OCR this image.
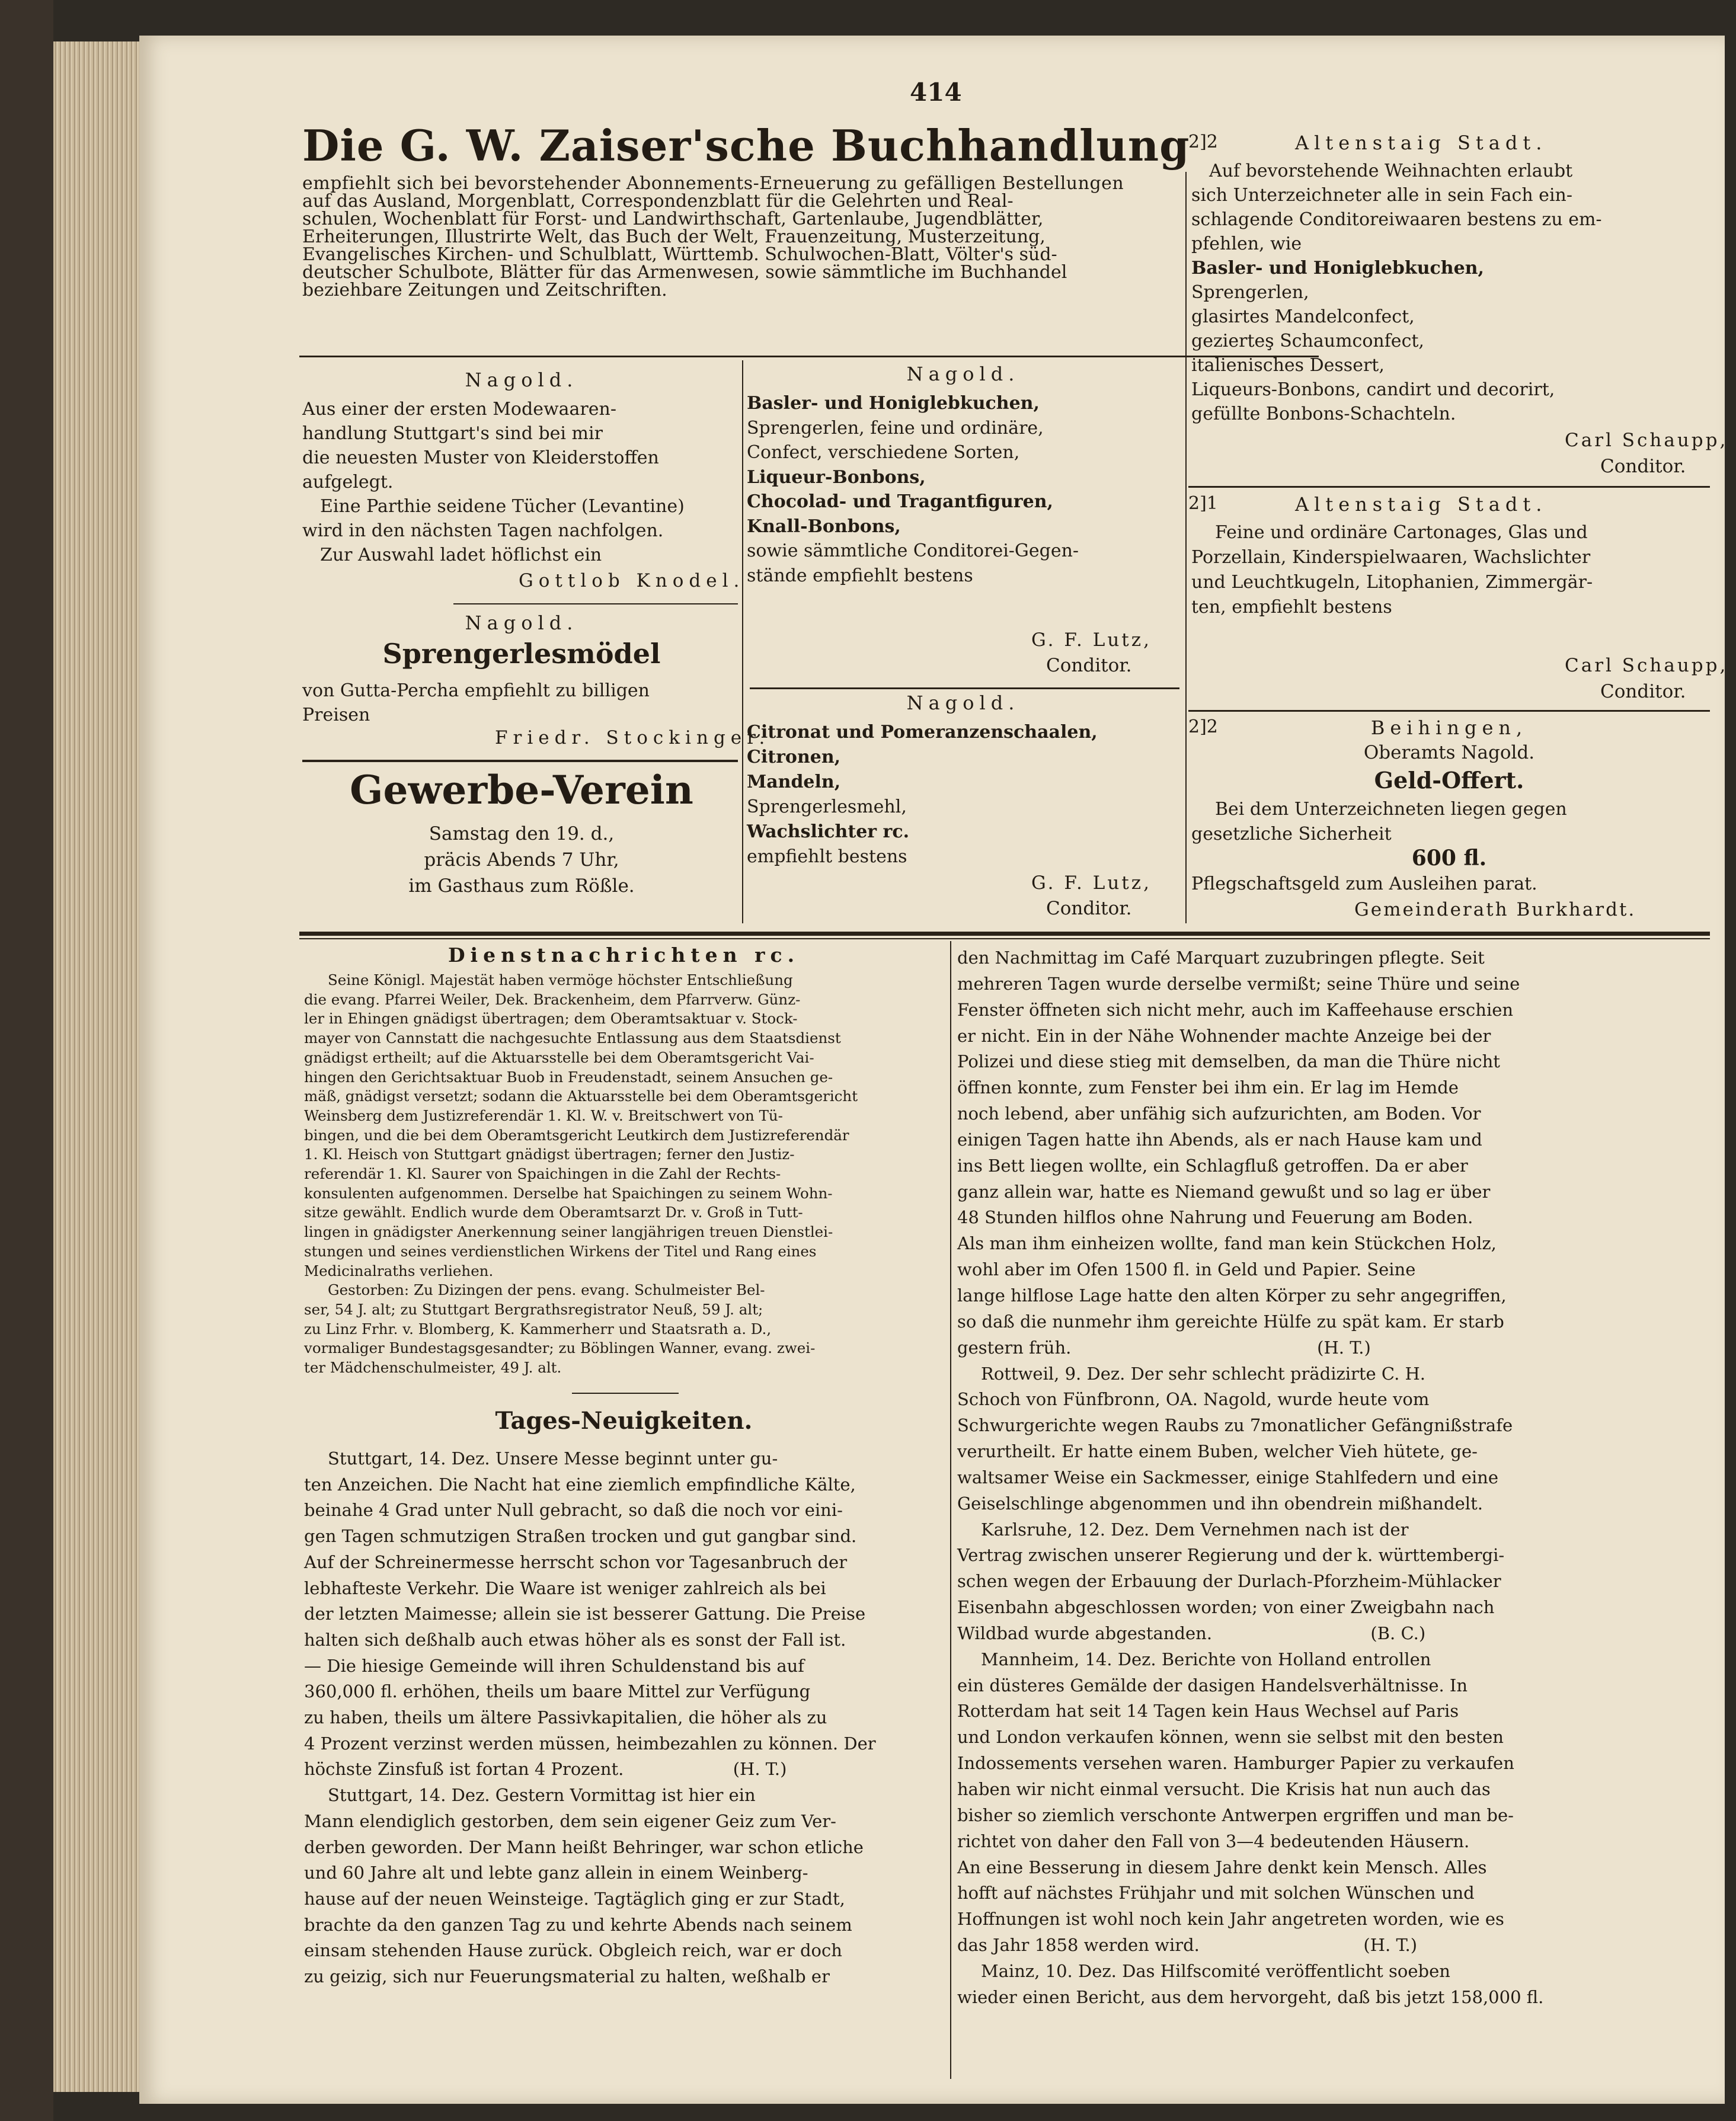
414
Die G. W. Zaiser'sche Buchhandlung
empfiehlt sich bei bevorstehender Abonnements-Erneuerung zu gefälligen Bestellungen
auf das Ausland, Morgenblatt, Correspondenzblatt für die Gelehrten und Real-
schulen, Wochenblatt für Forst- und Landwirthschaft, Gartenlaube, Jugendblätter,
Erheiterungen, Illustrirte Welt, das Buch der Welt, Frauenzeitung, Musterzeitung,
Evangelisches Kirchen- und Schulblatt, Württemb. Schulwochen-Blatt, Völter's süd-
deutscher Schulbote, Blätter für das Armenwesen, sowie sämmtliche im Buchhandel
beziehbare Zeitungen und Zeitschriften.
Nagold.
Aus einer der ersten Modewaaren-
handlung Stuttgart's sind bei mir
die neuesten Muster von Kleiderstoffen
aufgelegt.
Eine Parthie seidene Tücher (Levantine)
wird in den nächsten Tagen nachfolgen.
Zur Auswahl ladet höflichst ein
Gottlob Knodel.
Nagold.
Sprengerlesmödel
von Gutta-Percha empfiehlt zu billigen
Preisen
Friedr. Stockinger.
Gewerbe-Verein
Samstag den 19. d.,
präcis Abends 7 Uhr,
im Gasthaus zum Rößle.
Nagold.
Basler- und Honiglebkuchen,
Sprengerlen, feine und ordinäre,
Confect, verschiedene Sorten,
Liqueur-Bonbons,
Chocolad- und Tragantfiguren,
Knall-Bonbons,
sowie sämmtliche Conditorei-Gegen-
stände empfiehlt bestens
G. F. Lutz,
Conditor.
Nagold.
Citronat und Pomeranzenschaalen,
Citronen,
Mandeln,
Sprengerlesmehl,
Wachslichter rc.
empfiehlt bestens
G. F. Lutz,
Conditor.
2]2	Altenstaig Stadt.
Auf bevorstehende Weihnachten erlaubt
sich Unterzeichneter alle in sein Fach ein-
schlagende Conditoreiwaaren bestens zu em-
pfehlen, wie
Basler- und Honiglebkuchen,
Sprengerlen,
glasirtes Mandelconfect,
gezierteş Schaumconfect,
italienisches Dessert,
Liqueurs-Bonbons, candirt und decorirt,
gefüllte Bonbons-Schachteln.
Carl Schaupp,
Conditor.
2]1	Altenstaig Stadt.
Feine und ordinäre Cartonages, Glas und
Porzellain, Kinderspielwaaren, Wachslichter
und Leuchtkugeln, Litophanien, Zimmergär-
ten, empfiehlt bestens
Carl Schaupp,
Conditor.
2]2	Beihingen,
Oberamts Nagold.
Geld-Offert.
Bei dem Unterzeichneten liegen gegen
gesetzliche Sicherheit
600 fl.
Pflegschaftsgeld zum Ausleihen parat.
Gemeinderath Burkhardt.
Dienstnachrichten rc.
Seine Königl. Majestät haben vermöge höchster Entschließung
die evang. Pfarrei Weiler, Dek. Brackenheim, dem Pfarrverw. Günz-
ler in Ehingen gnädigst übertragen; dem Oberamtsaktuar v. Stock-
mayer von Cannstatt die nachgesuchte Entlassung aus dem Staatsdienst
gnädigst ertheilt; auf die Aktuarsstelle bei dem Oberamtsgericht Vai-
hingen den Gerichtsaktuar Buob in Freudenstadt, seinem Ansuchen ge-
mäß, gnädigst versetzt; sodann die Aktuarsstelle bei dem Oberamtsgericht
Weinsberg dem Justizreferendär 1. Kl. W. v. Breitschwert von Tü-
bingen, und die bei dem Oberamtsgericht Leutkirch dem Justizreferendär
1. Kl. Heisch von Stuttgart gnädigst übertragen; ferner den Justiz-
referendär 1. Kl. Saurer von Spaichingen in die Zahl der Rechts-
konsulenten aufgenommen. Derselbe hat Spaichingen zu seinem Wohn-
sitze gewählt. Endlich wurde dem Oberamtsarzt Dr. v. Groß in Tutt-
lingen in gnädigster Anerkennung seiner langjährigen treuen Dienstlei-
stungen und seines verdienstlichen Wirkens der Titel und Rang eines
Medicinalraths verliehen.
Gestorben: Zu Dizingen der pens. evang. Schulmeister Bel-
ser, 54 J. alt; zu Stuttgart Bergrathsregistrator Neuß, 59 J. alt;
zu Linz Frhr. v. Blomberg, K. Kammerherr und Staatsrath a. D.,
vormaliger Bundestagsgesandter; zu Böblingen Wanner, evang. zwei-
ter Mädchenschulmeister, 49 J. alt.
Tages-Neuigkeiten.
Stuttgart, 14. Dez. Unsere Messe beginnt unter gu-
ten Anzeichen. Die Nacht hat eine ziemlich empfindliche Kälte,
beinahe 4 Grad unter Null gebracht, so daß die noch vor eini-
gen Tagen schmutzigen Straßen trocken und gut gangbar sind.
Auf der Schreinermesse herrscht schon vor Tagesanbruch der
lebhafteste Verkehr. Die Waare ist weniger zahlreich als bei
der letzten Maimesse; allein sie ist besserer Gattung. Die Preise
halten sich deßhalb auch etwas höher als es sonst der Fall ist.
— Die hiesige Gemeinde will ihren Schuldenstand bis auf
360,000 fl. erhöhen, theils um baare Mittel zur Verfügung
zu haben, theils um ältere Passivkapitalien, die höher als zu
4 Prozent verzinst werden müssen, heimbezahlen zu können. Der
höchste Zinsfuß ist fortan 4 Prozent.                    (H. T.)
Stuttgart, 14. Dez. Gestern Vormittag ist hier ein
Mann elendiglich gestorben, dem sein eigener Geiz zum Ver-
derben geworden. Der Mann heißt Behringer, war schon etliche
und 60 Jahre alt und lebte ganz allein in einem Weinberg-
hause auf der neuen Weinsteige. Tagtäglich ging er zur Stadt,
brachte da den ganzen Tag zu und kehrte Abends nach seinem
einsam stehenden Hause zurück. Obgleich reich, war er doch
zu geizig, sich nur Feuerungsmaterial zu halten, weßhalb er
den Nachmittag im Café Marquart zuzubringen pflegte. Seit
mehreren Tagen wurde derselbe vermißt; seine Thüre und seine
Fenster öffneten sich nicht mehr, auch im Kaffeehause erschien
er nicht. Ein in der Nähe Wohnender machte Anzeige bei der
Polizei und diese stieg mit demselben, da man die Thüre nicht
öffnen konnte, zum Fenster bei ihm ein. Er lag im Hemde
noch lebend, aber unfähig sich aufzurichten, am Boden. Vor
einigen Tagen hatte ihn Abends, als er nach Hause kam und
ins Bett liegen wollte, ein Schlagfluß getroffen. Da er aber
ganz allein war, hatte es Niemand gewußt und so lag er über
48 Stunden hilflos ohne Nahrung und Feuerung am Boden.
Als man ihm einheizen wollte, fand man kein Stückchen Holz,
wohl aber im Ofen 1500 fl. in Geld und Papier. Seine
lange hilflose Lage hatte den alten Körper zu sehr angegriffen,
so daß die nunmehr ihm gereichte Hülfe zu spät kam. Er starb
gestern früh.                                             (H. T.)
Rottweil, 9. Dez. Der sehr schlecht prädizirte C. H.
Schoch von Fünfbronn, OA. Nagold, wurde heute vom
Schwurgerichte wegen Raubs zu 7monatlicher Gefängnißstrafe
verurtheilt. Er hatte einem Buben, welcher Vieh hütete, ge-
waltsamer Weise ein Sackmesser, einige Stahlfedern und eine
Geiselschlinge abgenommen und ihn obendrein mißhandelt.
Karlsruhe, 12. Dez. Dem Vernehmen nach ist der
Vertrag zwischen unserer Regierung und der k. württembergi-
schen wegen der Erbauung der Durlach-Pforzheim-Mühlacker
Eisenbahn abgeschlossen worden; von einer Zweigbahn nach
Wildbad wurde abgestanden.                             (B. C.)
Mannheim, 14. Dez. Berichte von Holland entrollen
ein düsteres Gemälde der dasigen Handelsverhältnisse. In
Rotterdam hat seit 14 Tagen kein Haus Wechsel auf Paris
und London verkaufen können, wenn sie selbst mit den besten
Indossements versehen waren. Hamburger Papier zu verkaufen
haben wir nicht einmal versucht. Die Krisis hat nun auch das
bisher so ziemlich verschonte Antwerpen ergriffen und man be-
richtet von daher den Fall von 3—4 bedeutenden Häusern.
An eine Besserung in diesem Jahre denkt kein Mensch. Alles
hofft auf nächstes Frühjahr und mit solchen Wünschen und
Hoffnungen ist wohl noch kein Jahr angetreten worden, wie es
das Jahr 1858 werden wird.                              (H. T.)
Mainz, 10. Dez. Das Hilfscomité veröffentlicht soeben
wieder einen Bericht, aus dem hervorgeht, daß bis jetzt 158,000 fl.
